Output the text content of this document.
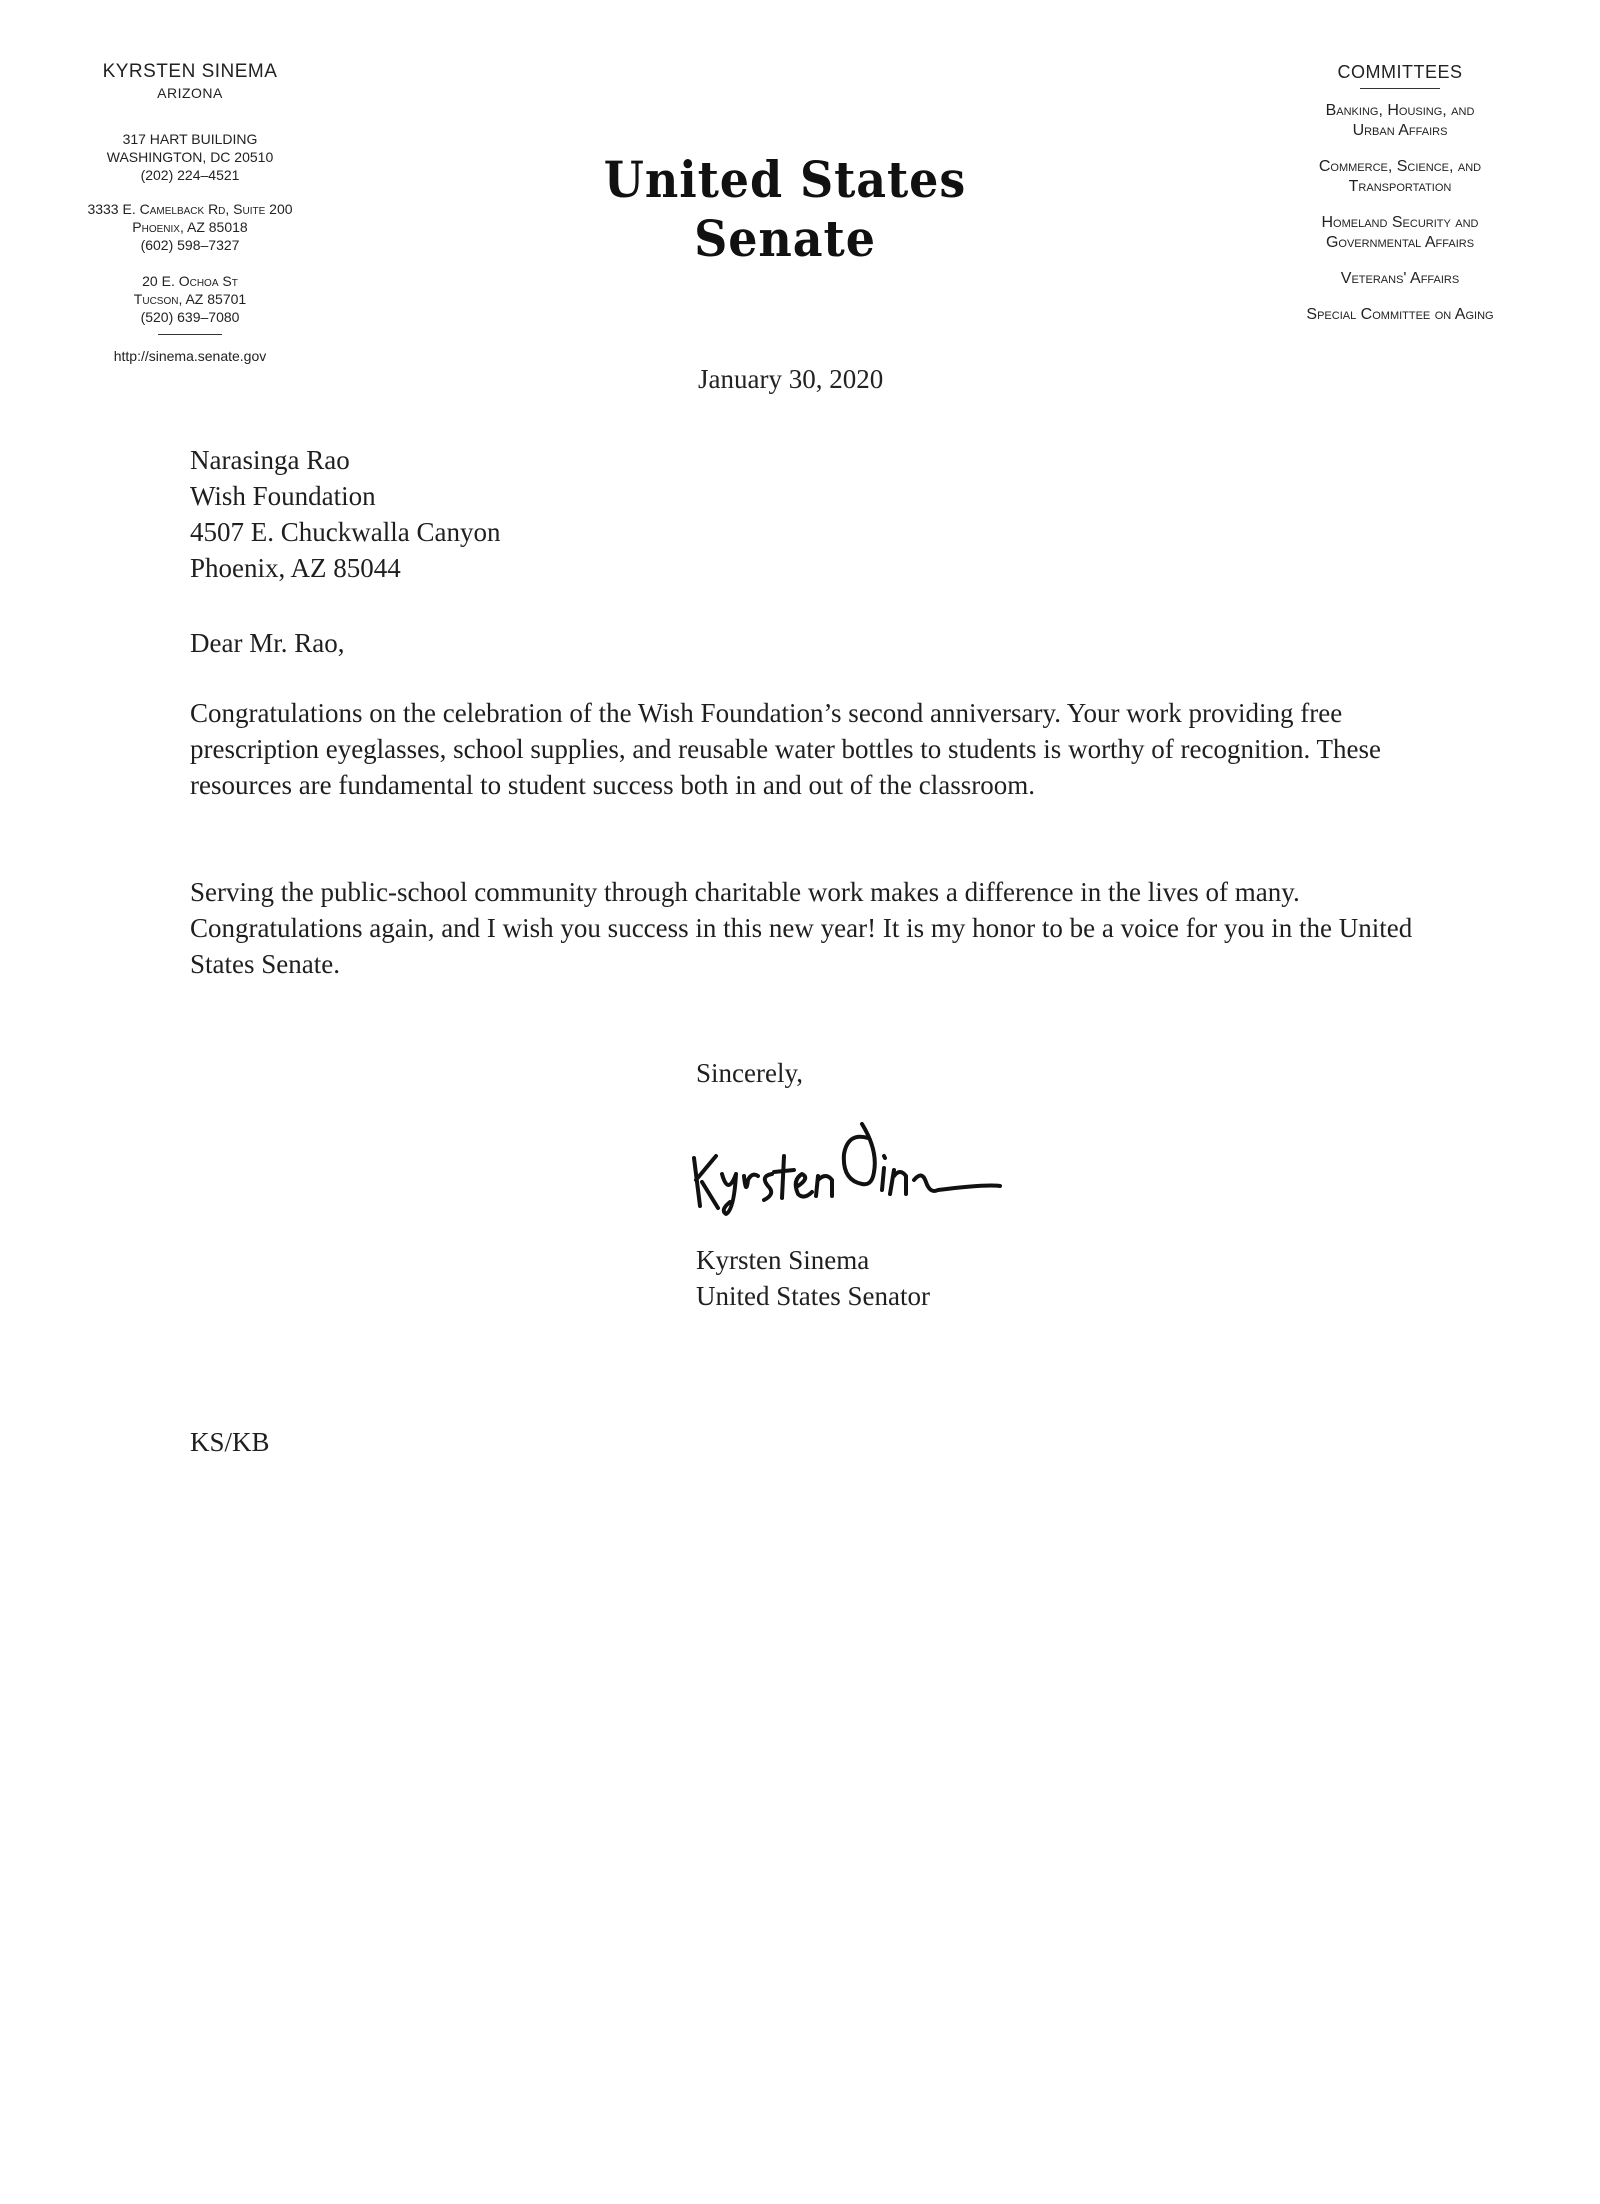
KYRSTEN SINEMA
ARIZONA
317 HART BUILDING
WASHINGTON, DC 20510
(202) 224–4521
3333 E. Camelback Rd, Suite 200
Phoenix, AZ 85018
(602) 598–7327
20 E. Ochoa St
Tucson, AZ 85701
(520) 639–7080
http://sinema.senate.gov
United States Senate
January 30, 2020
COMMITTEES
Banking, Housing, and
Urban Affairs
Commerce, Science, and
Transportation
Homeland Security and
Governmental Affairs
Veterans' Affairs
Special Committee on Aging
Narasinga Rao
Wish Foundation
4507 E. Chuckwalla Canyon
Phoenix, AZ 85044
Dear Mr. Rao,

Congratulations on the celebration of the Wish Foundation’s second anniversary. Your work providing free prescription eyeglasses, school supplies, and reusable water bottles to students is worthy of recognition. These resources are fundamental to student success both in and out of the classroom.

Serving the public-school community through charitable work makes a difference in the lives of many. Congratulations again, and I wish you success in this new year! It is my honor to be a voice for you in the United States Senate.

Sincerely,
Kyrsten Sinema
United States Senator
KS/KB
